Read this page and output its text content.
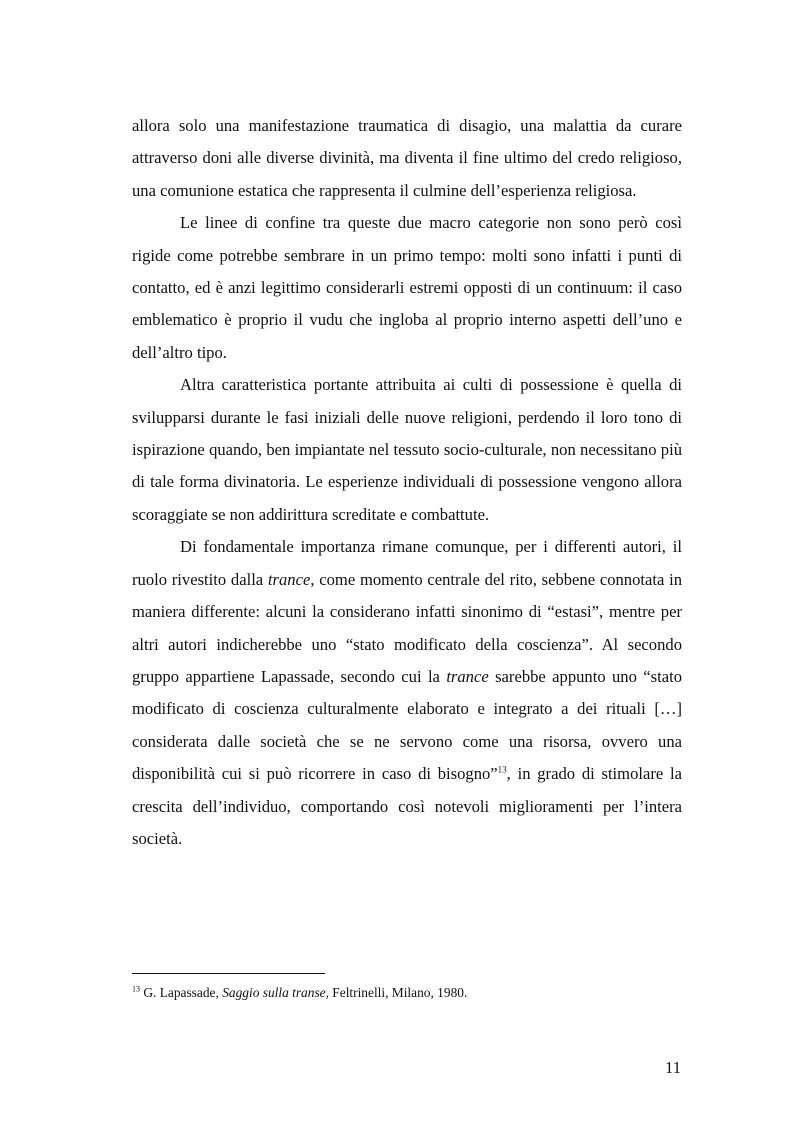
allora solo una manifestazione traumatica di disagio, una malattia da curare attraverso doni alle diverse divinità, ma diventa il fine ultimo del credo religioso, una comunione estatica che rappresenta il culmine dell’esperienza religiosa.

Le linee di confine tra queste due macro categorie non sono però così rigide come potrebbe sembrare in un primo tempo: molti sono infatti i punti di contatto, ed è anzi legittimo considerarli estremi opposti di un continuum: il caso emblematico è proprio il vudu che ingloba al proprio interno aspetti dell’uno e dell’altro tipo.

Altra caratteristica portante attribuita ai culti di possessione è quella di svilupparsi durante le fasi iniziali delle nuove religioni, perdendo il loro tono di ispirazione quando, ben impiantate nel tessuto socio-culturale, non necessitano più di tale forma divinatoria. Le esperienze individuali di possessione vengono allora scoraggiate se non addirittura screditate e combattute.

Di fondamentale importanza rimane comunque, per i differenti autori, il ruolo rivestito dalla trance, come momento centrale del rito, sebbene connotata in maniera differente: alcuni la considerano infatti sinonimo di “estasi”, mentre per altri autori indicherebbe uno “stato modificato della coscienza”. Al secondo gruppo appartiene Lapassade, secondo cui la trance sarebbe appunto uno “stato modificato di coscienza culturalmente elaborato e integrato a dei rituali […] considerata dalle società che se ne servono come una risorsa, ovvero una disponibilità cui si può ricorrere in caso di bisogno”$^{13}$, in grado di stimolare la crescita dell’individuo, comportando così notevoli miglioramenti per l’intera società.

$^{13}$ G. Lapassade, Saggio sulla transe, Feltrinelli, Milano, 1980.

11
